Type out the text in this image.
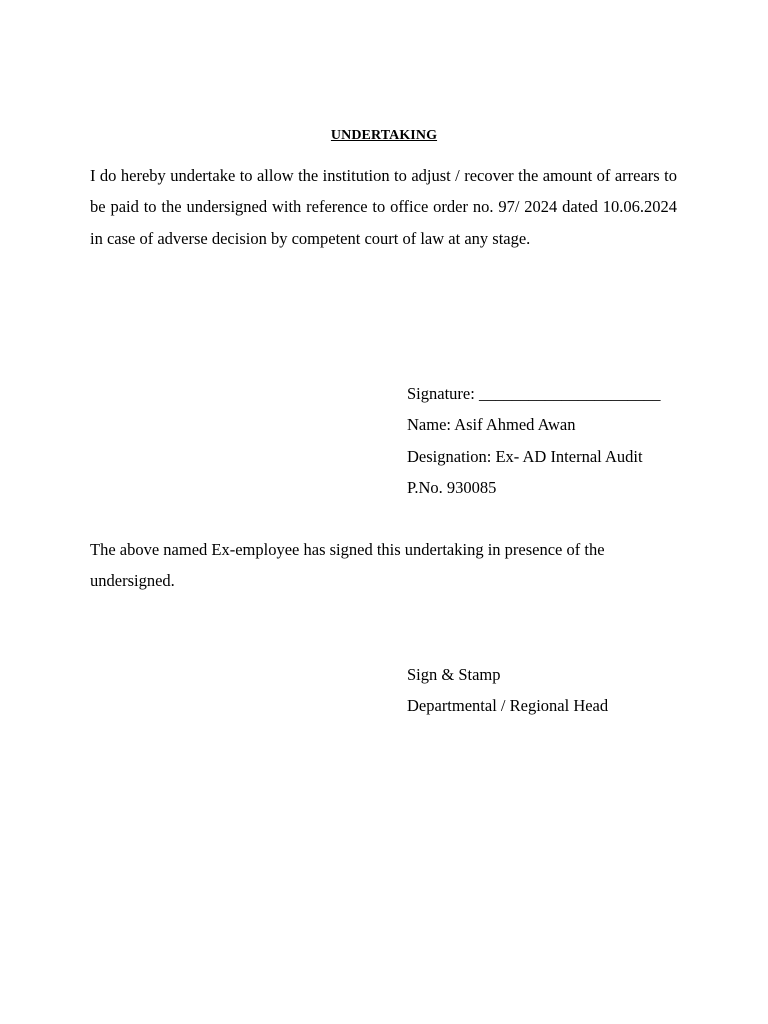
UNDERTAKING
I do hereby undertake to allow the institution to adjust / recover the amount of arrears to be paid to the undersigned with reference to office order no. 97/ 2024 dated 10.06.2024 in case of adverse decision by competent court of law at any stage.
Signature: ______________________
Name: Asif Ahmed Awan
Designation: Ex- AD Internal Audit
P.No. 930085
The above named Ex-employee has signed this undertaking in presence of the undersigned.
Sign & Stamp
Departmental / Regional Head
